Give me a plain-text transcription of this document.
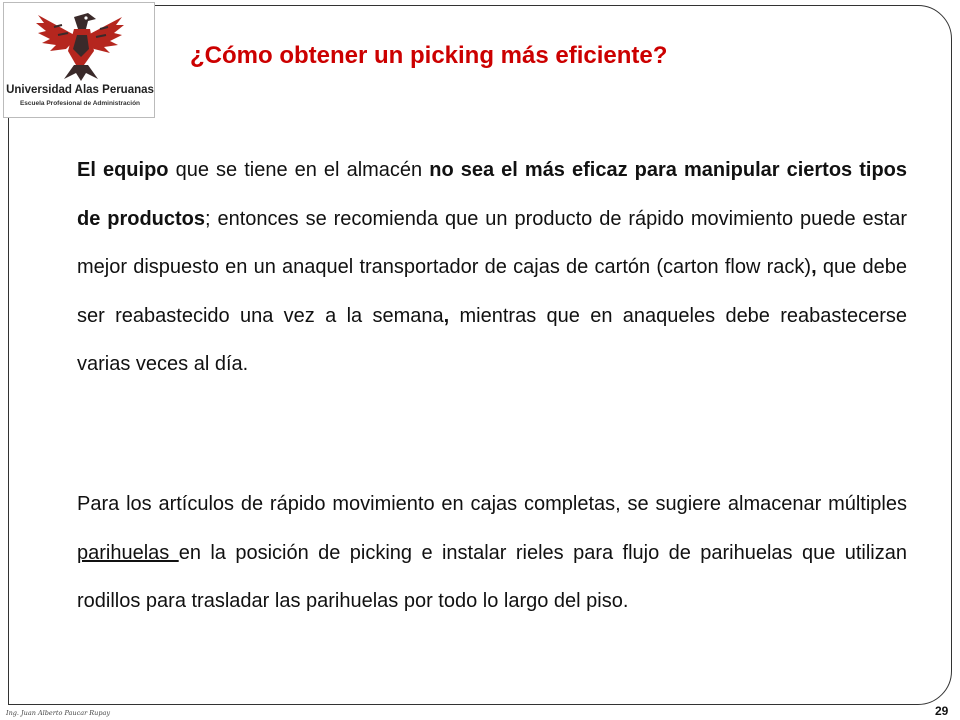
Universidad Alas Peruanas
Escuela Profesional de Administración
¿Cómo obtener un picking más eficiente?
El equipo que se tiene en el almacén no sea el más eficaz para manipular ciertos tipos de productos; entonces se recomienda que un producto de rápido movimiento puede estar mejor dispuesto en un anaquel transportador de cajas de cartón (carton flow rack), que debe ser reabastecido una vez a la semana, mientras que en anaqueles debe reabastecerse varias veces al día.
Para los artículos de rápido movimiento en cajas completas, se sugiere almacenar múltiples parihuelas en la posición de picking e instalar rieles para flujo de parihuelas que utilizan rodillos para trasladar las parihuelas por todo lo largo del piso.
Ing. Juan Alberto Paucar Rupay	29
